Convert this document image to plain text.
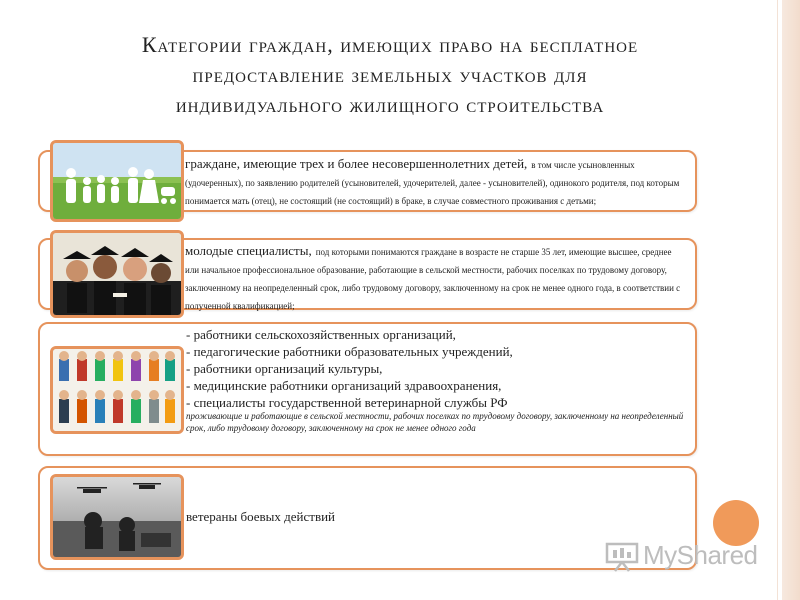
Категории граждан, имеющих право на бесплатное
предоставление земельных участков для
индивидуального жилищного строительства
граждане, имеющие трех и более несовершеннолетних детей, в том числе усыновленных (удочеренных), по заявлению родителей (усыновителей, удочерителей, далее - усыновителей), одинокого родителя, под которым понимается мать (отец), не состоящий (не состоящий) в браке, в случае совместного проживания с детьми;
молодые специалисты, под которыми понимаются граждане в возрасте не старше 35 лет, имеющие высшее, среднее или начальное профессиональное образование, работающие в сельской местности, рабочих поселках по трудовому договору, заключенному на неопределенный срок, либо трудовому договору, заключенному на срок не менее одного года, в соответствии с полученной квалификацией;
- работники сельскохозяйственных организаций,
- педагогические работники образовательных учреждений,
- работники организаций культуры,
- медицинские работники организаций здравоохранения,
- специалисты государственной ветеринарной службы РФ
проживающие и работающие в сельской местности, рабочих поселках по трудовому договору, заключенному на неопределенный срок, либо трудовому договору, заключенному на срок не менее одного года
ветераны боевых действий
MyShared
